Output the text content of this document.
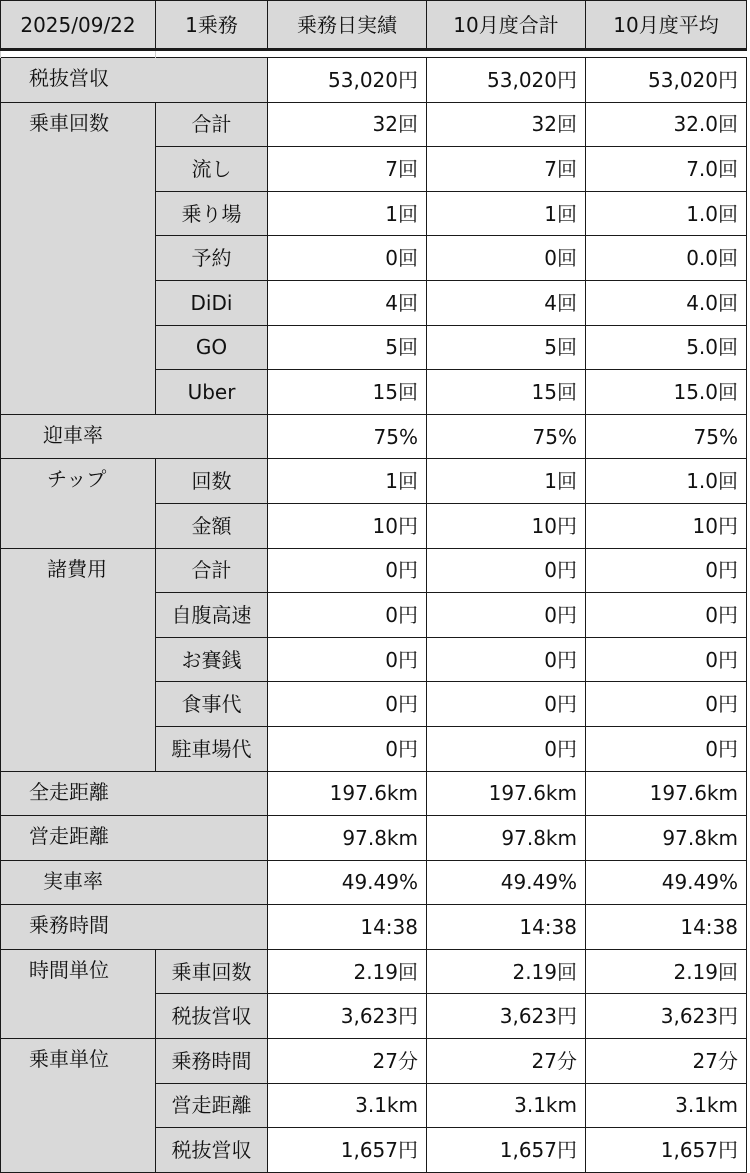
2025/09/22	1乗務	乗務日実績	10月度合計	10月度平均

税抜営収		53,020円	53,020円	53,020円
乗車回数	合計	32回	32回	32.0回
	流し	7回	7回	7.0回
	乗り場	1回	1回	1.0回
	予約	0回	0回	0.0回
	DiDi	4回	4回	4.0回
	GO	5回	5回	5.0回
	Uber	15回	15回	15.0回
迎車率		75%	75%	75%
チップ	回数	1回	1回	1.0回
	金額	10円	10円	10円
諸費用	合計	0円	0円	0円
	自腹高速	0円	0円	0円
	お賽銭	0円	0円	0円
	食事代	0円	0円	0円
	駐車場代	0円	0円	0円
全走距離		197.6km	197.6km	197.6km
営走距離		97.8km	97.8km	97.8km
実車率		49.49%	49.49%	49.49%
乗務時間		14:38	14:38	14:38
時間単位	乗車回数	2.19回	2.19回	2.19回
	税抜営収	3,623円	3,623円	3,623円
乗車単位	乗務時間	27分	27分	27分
	営走距離	3.1km	3.1km	3.1km
	税抜営収	1,657円	1,657円	1,657円
